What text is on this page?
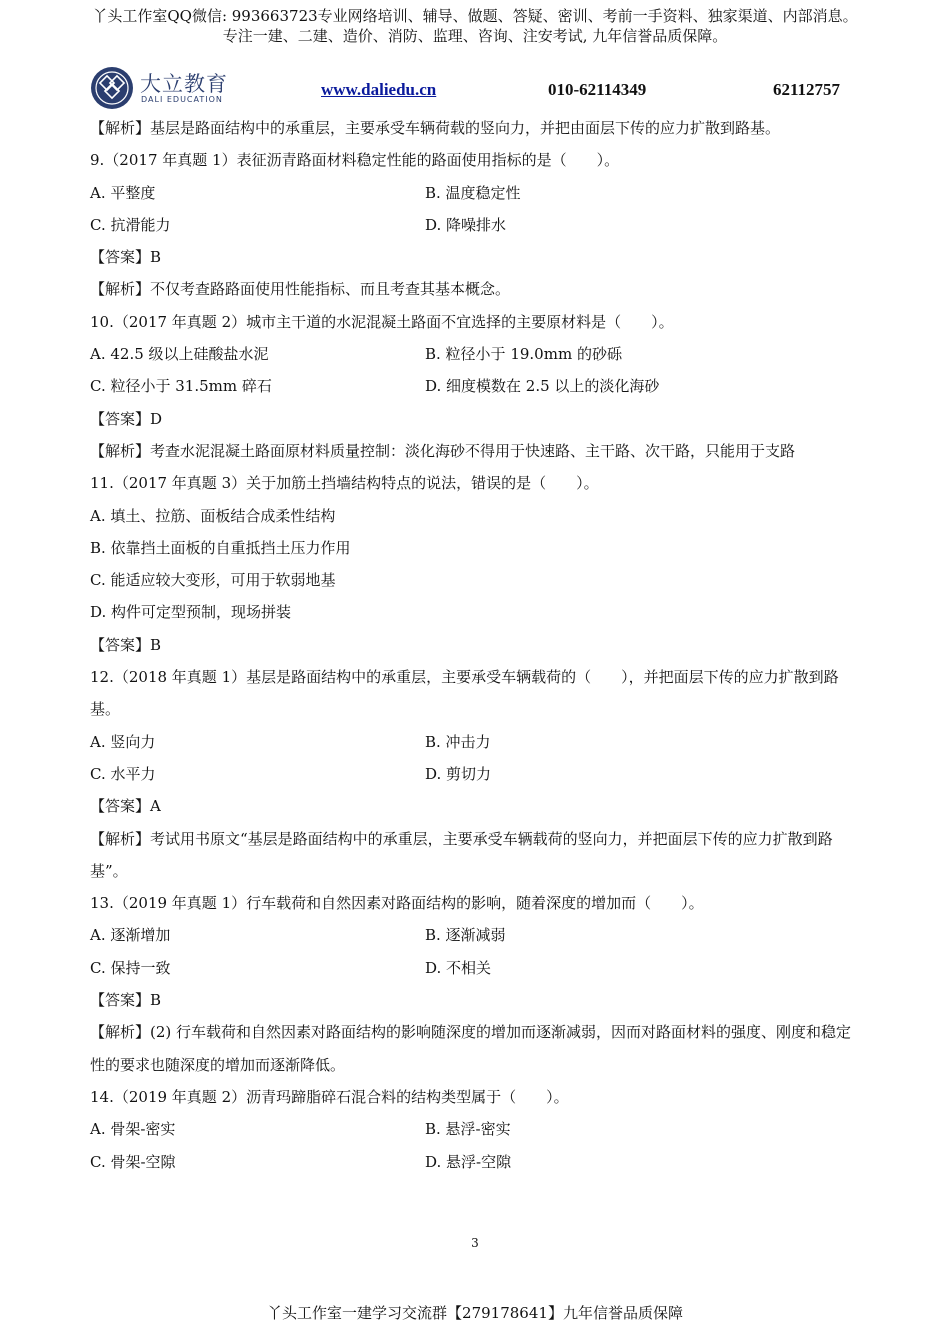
丫头工作室QQ微信: 993663723专业网络培训、辅导、做题、答疑、密训、考前一手资料、独家渠道、内部消息。
专注一建、二建、造价、消防、监理、咨询、注安考试, 九年信誉品质保障。
大立教育
DALI EDUCATION
www.daliedu.cn	010-62114349	62112757
【解析】基层是路面结构中的承重层，主要承受车辆荷载的竖向力，并把由面层下传的应力扩散到路基。
9.（2017 年真题 1）表征沥青路面材料稳定性能的路面使用指标的是（　　）。
A. 平整度	B. 温度稳定性
C. 抗滑能力	D. 降噪排水
【答案】B
【解析】不仅考查路路面使用性能指标、而且考查其基本概念。
10.（2017 年真题 2）城市主干道的水泥混凝土路面不宜选择的主要原材料是（　　）。
A. 42.5 级以上硅酸盐水泥	B. 粒径小于 19.0mm 的砂砾
C. 粒径小于 31.5mm 碎石	D. 细度模数在 2.5 以上的淡化海砂
【答案】D
【解析】考查水泥混凝土路面原材料质量控制：淡化海砂不得用于快速路、主干路、次干路，只能用于支路
11.（2017 年真题 3）关于加筋土挡墙结构特点的说法，错误的是（　　）。
A. 填土、拉筋、面板结合成柔性结构
B. 依靠挡土面板的自重抵挡土压力作用
C. 能适应较大变形，可用于软弱地基
D. 构件可定型预制，现场拼装
【答案】B
12.（2018 年真题 1）基层是路面结构中的承重层，主要承受车辆载荷的（　　），并把面层下传的应力扩散到路基。
A. 竖向力	B. 冲击力
C. 水平力	D. 剪切力
【答案】A
【解析】考试用书原文“基层是路面结构中的承重层，主要承受车辆载荷的竖向力，并把面层下传的应力扩散到路基”。
13.（2019 年真题 1）行车载荷和自然因素对路面结构的影响，随着深度的增加而（　　）。
A. 逐渐增加	B. 逐渐减弱
C. 保持一致	D. 不相关
【答案】B
【解析】(2) 行车载荷和自然因素对路面结构的影响随深度的增加而逐渐减弱，因而对路面材料的强度、刚度和稳定性的要求也随深度的增加而逐渐降低。
14.（2019 年真题 2）沥青玛蹄脂碎石混合料的结构类型属于（　　）。
A. 骨架-密实	B. 悬浮-密实
C. 骨架-空隙	D. 悬浮-空隙
3
丫头工作室一建学习交流群【279178641】九年信誉品质保障
